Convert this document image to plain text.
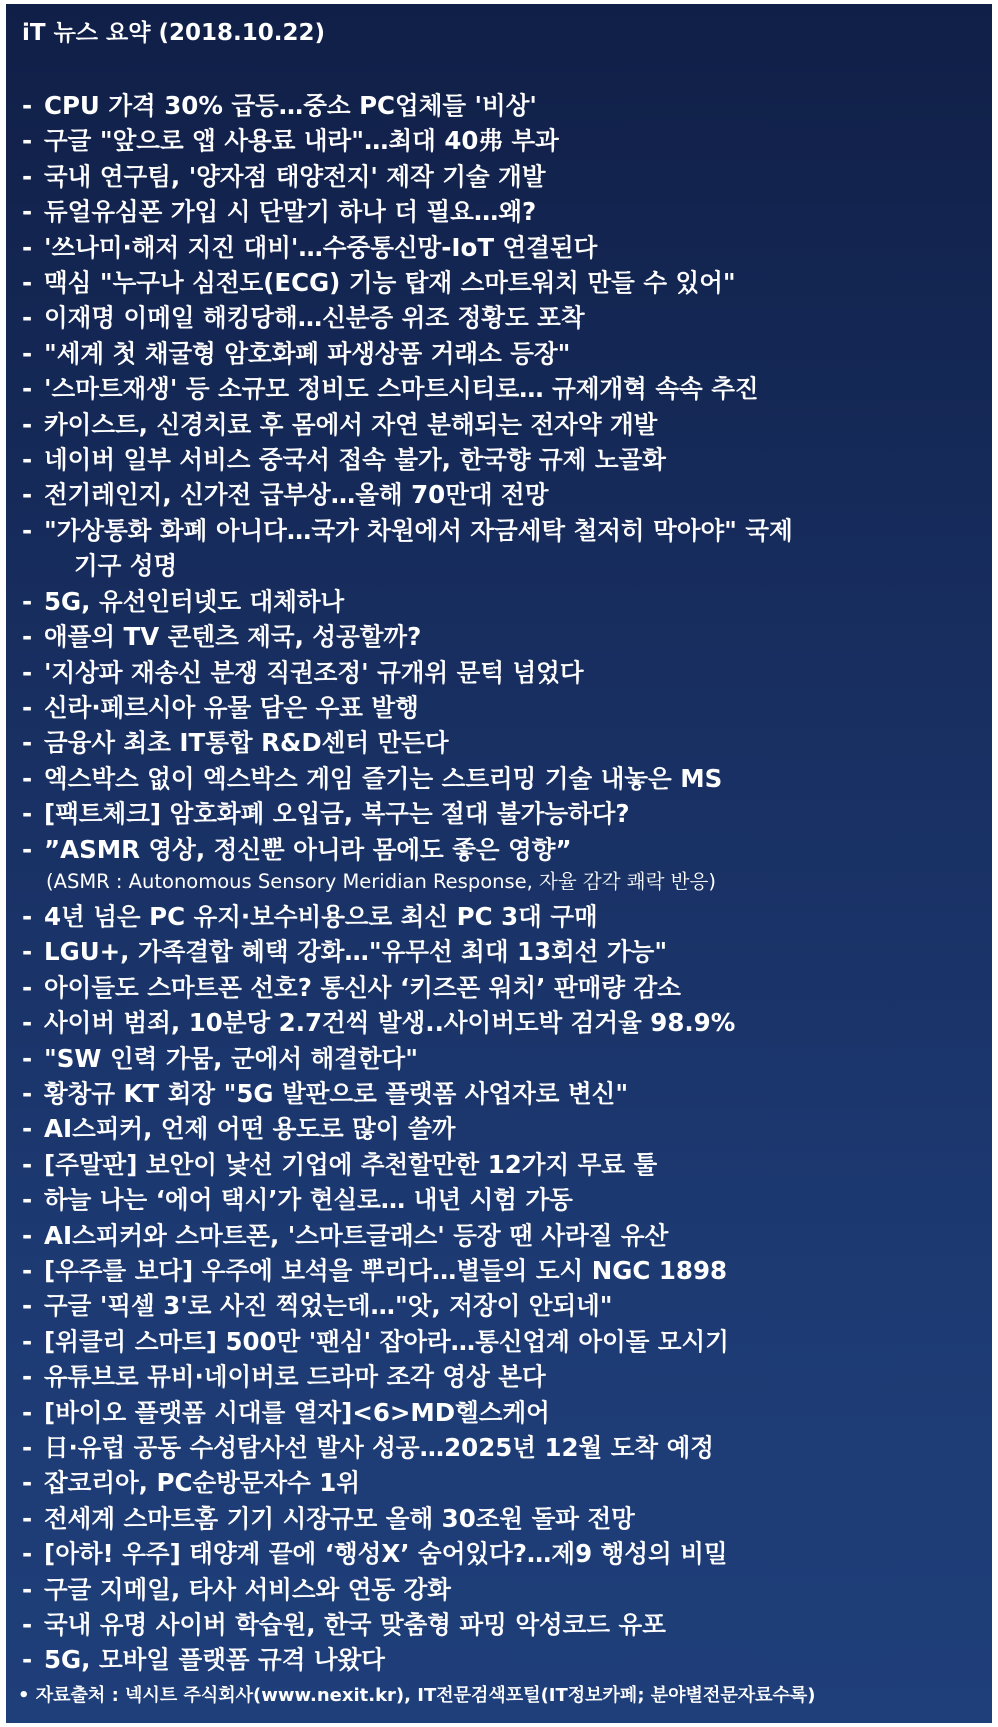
iT 뉴스 요약 (2018.10.22)
- CPU 가격 30% 급등…중소 PC업체들 '비상'
- 구글 "앞으로 앱 사용료 내라"…최대 40弗 부과
- 국내 연구팀, '양자점 태양전지' 제작 기술 개발
- 듀얼유심폰 가입 시 단말기 하나 더 필요…왜?
- '쓰나미·해저 지진 대비'…수중통신망-IoT 연결된다
- 맥심 "누구나 심전도(ECG) 기능 탑재 스마트워치 만들 수 있어"
- 이재명 이메일 해킹당해…신분증 위조 정황도 포착
- "세계 첫 채굴형 암호화폐 파생상품 거래소 등장"
- '스마트재생' 등 소규모 정비도 스마트시티로… 규제개혁 속속 추진
- 카이스트, 신경치료 후 몸에서 자연 분해되는 전자약 개발
- 네이버 일부 서비스 중국서 접속 불가, 한국향 규제 노골화
- 전기레인지, 신가전 급부상…올해 70만대 전망
- "가상통화 화폐 아니다…국가 차원에서 자금세탁 철저히 막아야" 국제
기구 성명
- 5G, 유선인터넷도 대체하나
- 애플의 TV 콘텐츠 제국, 성공할까?
- '지상파 재송신 분쟁 직권조정' 규개위 문턱 넘었다
- 신라·페르시아 유물 담은 우표 발행
- 금융사 최초 IT통합 R&D센터 만든다
- 엑스박스 없이 엑스박스 게임 즐기는 스트리밍 기술 내놓은 MS
- [팩트체크] 암호화폐 오입금, 복구는 절대 불가능하다?
- ”ASMR 영상, 정신뿐 아니라 몸에도 좋은 영향”
(ASMR : Autonomous Sensory Meridian Response, 자율 감각 쾌락 반응)
- 4년 넘은 PC 유지·보수비용으로 최신 PC 3대 구매
- LGU+, 가족결합 혜택 강화…"유무선 최대 13회선 가능"
- 아이들도 스마트폰 선호? 통신사 ‘키즈폰 워치’ 판매량 감소
- 사이버 범죄, 10분당 2.7건씩 발생..사이버도박 검거율 98.9%
- "SW 인력 가뭄, 군에서 해결한다"
- 황창규 KT 회장 "5G 발판으로 플랫폼 사업자로 변신"
- AI스피커, 언제 어떤 용도로 많이 쓸까
- [주말판] 보안이 낯선 기업에 추천할만한 12가지 무료 툴
- 하늘 나는 ‘에어 택시’가 현실로… 내년 시험 가동
- AI스피커와 스마트폰, '스마트글래스' 등장 땐 사라질 유산
- [우주를 보다] 우주에 보석을 뿌리다…별들의 도시 NGC 1898
- 구글 '픽셀 3'로 사진 찍었는데…"앗, 저장이 안되네"
- [위클리 스마트] 500만 '팬심' 잡아라…통신업계 아이돌 모시기
- 유튜브로 뮤비·네이버로 드라마 조각 영상 본다
- [바이오 플랫폼 시대를 열자]<6>MD헬스케어
- 日·유럽 공동 수성탐사선 발사 성공…2025년 12월 도착 예정
- 잡코리아, PC순방문자수 1위
- 전세계 스마트홈 기기 시장규모 올해 30조원 돌파 전망
- [아하! 우주] 태양계 끝에 ‘행성X’ 숨어있다?…제9 행성의 비밀
- 구글 지메일, 타사 서비스와 연동 강화
- 국내 유명 사이버 학습원, 한국 맞춤형 파밍 악성코드 유포
- 5G, 모바일 플랫폼 규격 나왔다
• 자료출처 : 넥시트 주식회사(www.nexit.kr), IT전문검색포털(IT정보카페; 분야별전문자료수록)
